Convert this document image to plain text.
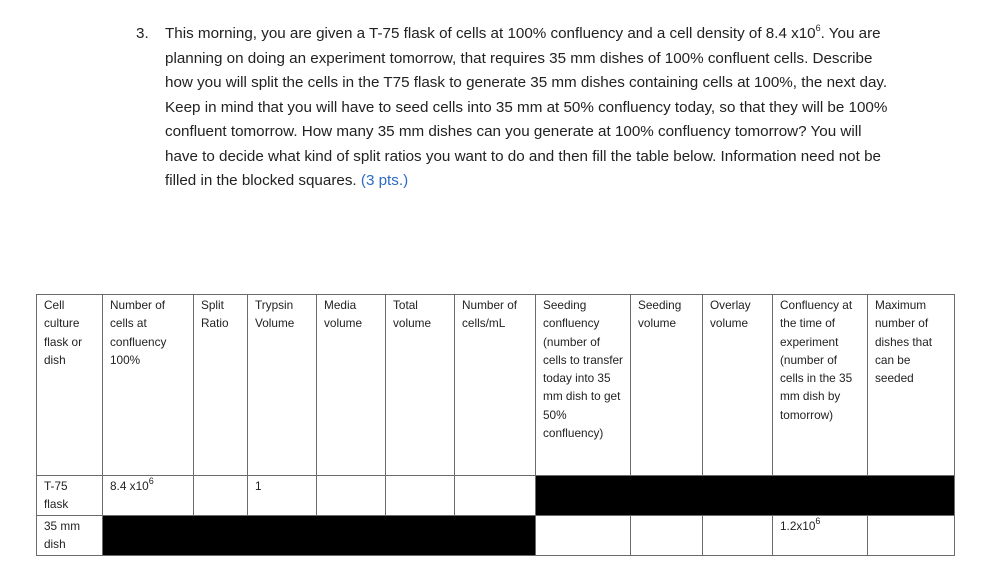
3. This morning, you are given a T-75 flask of cells at 100% confluency and a cell density of 8.4 $x10^6$. You are planning on doing an experiment tomorrow, that requires 35 mm dishes of 100% confluent cells. Describe how you will split the cells in the T75 flask to generate 35 mm dishes containing cells at 100%, the next day. Keep in mind that you will have to seed cells into 35 mm at 50% confluency today, so that they will be 100% confluent tomorrow. How many 35 mm dishes can you generate at 100% confluency tomorrow? You will have to decide what kind of split ratios you want to do and then fill the table below. Information need not be filled in the blocked squares. (3 pts.)

Cell culture flask or dish	Number of cells at confluency 100%	Split Ratio	Trypsin Volume	Media volume	Total volume	Number of cells/mL	Seeding confluency (number of cells to transfer today into 35 mm dish to get 50% confluency)	Seeding volume	Overlay volume	Confluency at the time of experiment (number of cells in the 35 mm dish by tomorrow)	Maximum number of dishes that can be seeded
T-75 flask	8.4 $x10^6$		1								
35 mm dish										$1.2x10^6$	
